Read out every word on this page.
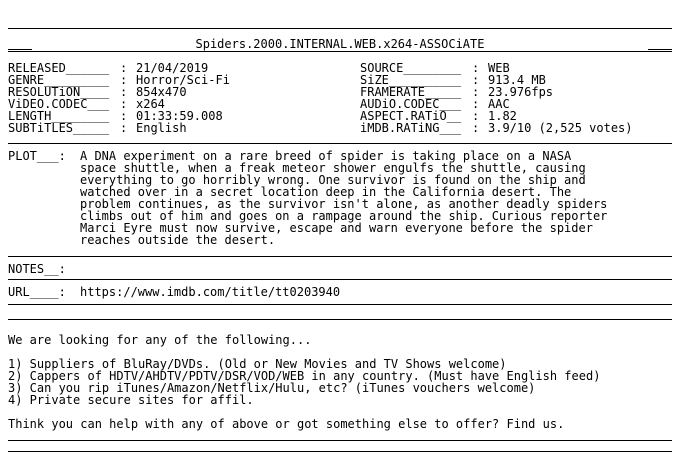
Spiders.2000.INTERNAL.WEB.x264-ASSOCiATE
RELEASED______ : 21/04/2019
GENRE_________ : Horror/Sci-Fi
RESOLUTiON____ : 854x470
ViDEO.CODEC___ : x264
LENGTH________ : 01:33:59.008
SUBTiTLES_____ : English
SOURCE________ : WEB
SiZE__________ : 913.4 MB
FRAMERATE_____ : 23.976fps
AUDiO.CODEC___ : AAC
ASPECT.RATiO__ : 1.82
iMDB.RATiNG___ : 3.9/10 (2,525 votes)
PLOT___:	A DNA experiment on a rare breed of spider is taking place on a NASA
space shuttle, when a freak meteor shower engulfs the shuttle, causing
everything to go horribly wrong. One survivor is found on the ship and
watched over in a secret location deep in the California desert. The
problem continues, as the survivor isn't alone, as another deadly spiders
climbs out of him and goes on a rampage around the ship. Curious reporter
Marci Eyre must now survive, escape and warn everyone before the spider
reaches outside the desert.
NOTES__:
URL____:	https://www.imdb.com/title/tt0203940
We are looking for any of the following...
1) Suppliers of BluRay/DVDs. (Old or New Movies and TV Shows welcome)
2) Cappers of HDTV/AHDTV/PDTV/DSR/VOD/WEB in any country. (Must have English feed)
3) Can you rip iTunes/Amazon/Netflix/Hulu, etc? (iTunes vouchers welcome)
4) Private secure sites for affil.
Think you can help with any of above or got something else to offer? Find us.
